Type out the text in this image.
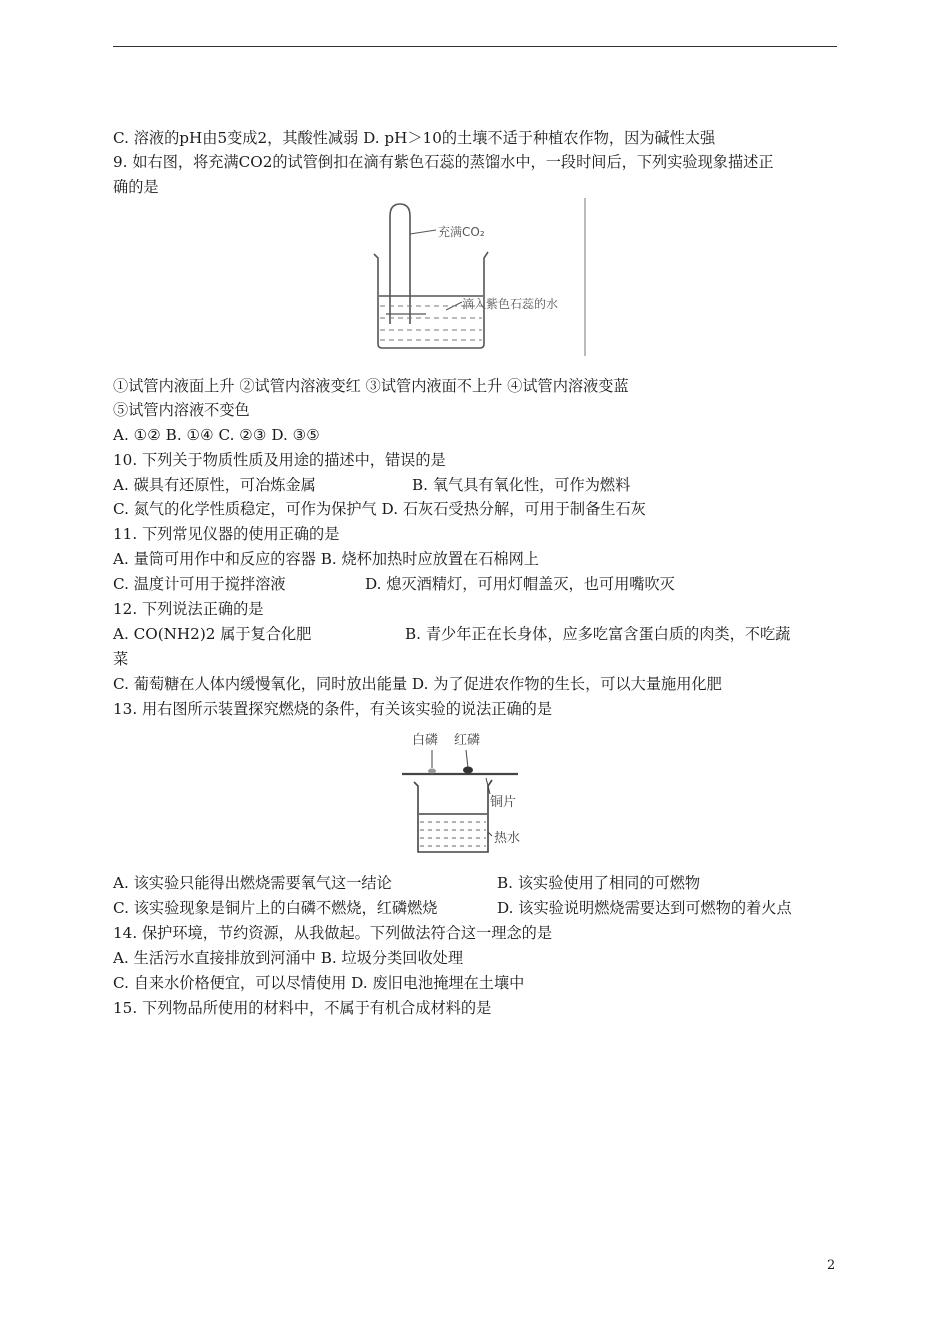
C. 溶液的pH由5变成2，其酸性减弱 D. pH＞10的土壤不适于种植农作物，因为碱性太强
9. 如右图，将充满CO2的试管倒扣在滴有紫色石蕊的蒸馏水中，一段时间后，下列实验现象描述正
确的是
充满CO₂
滴入紫色石蕊的水
①试管内液面上升 ②试管内溶液变红 ③试管内液面不上升 ④试管内溶液变蓝
⑤试管内溶液不变色
A. ①② B. ①④ C. ②③ D. ③⑤
10. 下列关于物质性质及用途的描述中，错误的是
A. 碳具有还原性，可冶炼金属	B. 氧气具有氧化性，可作为燃料
C. 氮气的化学性质稳定，可作为保护气 D. 石灰石受热分解，可用于制备生石灰
11. 下列常见仪器的使用正确的是
A. 量筒可用作中和反应的容器 B. 烧杯加热时应放置在石棉网上
C. 温度计可用于搅拌溶液	D. 熄灭酒精灯，可用灯帽盖灭，也可用嘴吹灭
12. 下列说法正确的是
A. CO(NH2)2 属于复合化肥	B. 青少年正在长身体，应多吃富含蛋白质的肉类，不吃蔬
菜
C. 葡萄糖在人体内缓慢氧化，同时放出能量 D. 为了促进农作物的生长，可以大量施用化肥
13. 用右图所示装置探究燃烧的条件，有关该实验的说法正确的是
白磷 红磷
铜片
热水
A. 该实验只能得出燃烧需要氧气这一结论	B. 该实验使用了相同的可燃物
C. 该实验现象是铜片上的白磷不燃烧，红磷燃烧	D. 该实验说明燃烧需要达到可燃物的着火点
14. 保护环境，节约资源，从我做起。下列做法符合这一理念的是
A. 生活污水直接排放到河涌中 B. 垃圾分类回收处理
C. 自来水价格便宜，可以尽情使用 D. 废旧电池掩埋在土壤中
15. 下列物品所使用的材料中，不属于有机合成材料的是
2
